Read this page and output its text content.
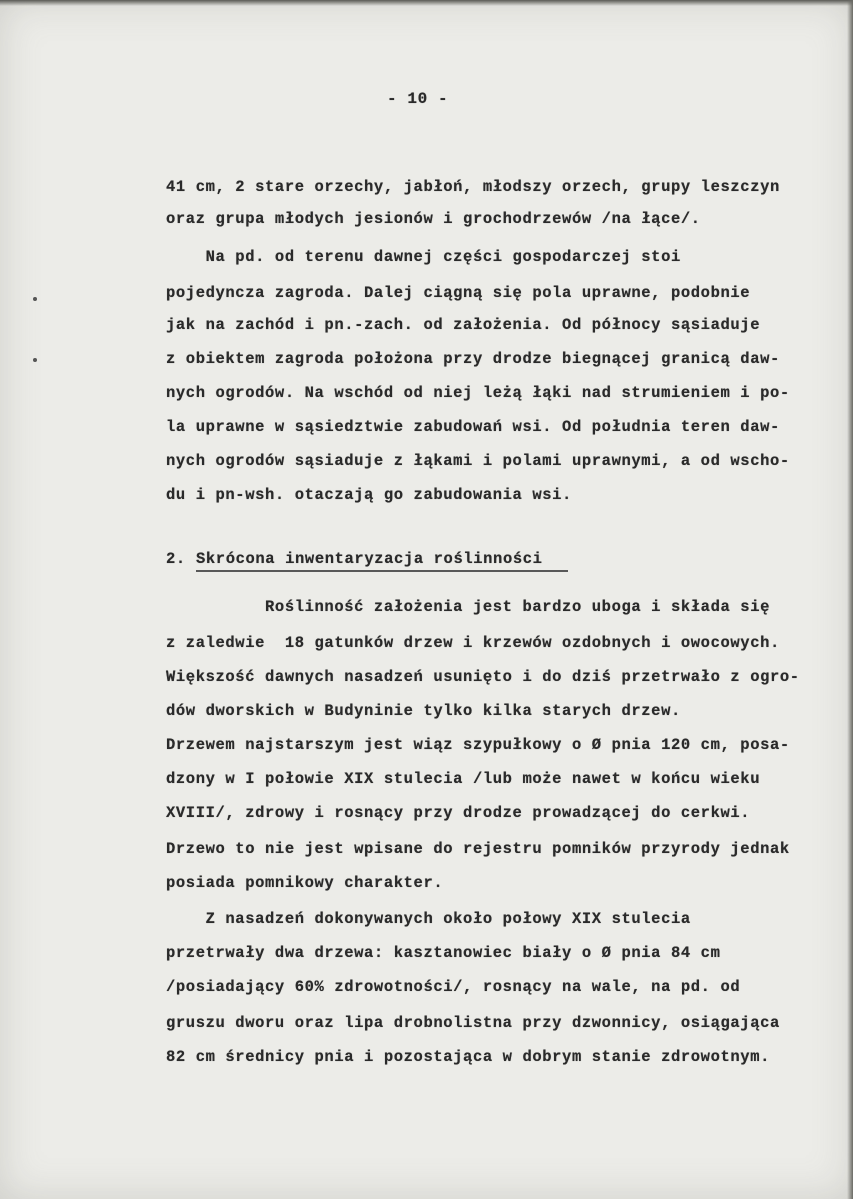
- 10 -
41 cm, 2 stare orzechy, jabłoń, młodszy orzech, grupy leszczyn
oraz grupa młodych jesionów i grochodrzewów /na łące/.
Na pd. od terenu dawnej części gospodarczej stoi
pojedyncza zagroda. Dalej ciągną się pola uprawne, podobnie
jak na zachód i pn.-zach. od założenia. Od północy sąsiaduje
z obiektem zagroda położona przy drodze biegnącej granicą daw-
nych ogrodów. Na wschód od niej leżą łąki nad strumieniem i po-
la uprawne w sąsiedztwie zabudowań wsi. Od południa teren daw-
nych ogrodów sąsiaduje z łąkami i polami uprawnymi, a od wscho-
du i pn-wsh. otaczają go zabudowania wsi.
2. Skrócona inwentaryzacja roślinności
Roślinność założenia jest bardzo uboga i składa się
z zaledwie  18 gatunków drzew i krzewów ozdobnych i owocowych.
Większość dawnych nasadzeń usunięto i do dziś przetrwało z ogro-
dów dworskich w Budyninie tylko kilka starych drzew.
Drzewem najstarszym jest wiąz szypułkowy o Ø pnia 120 cm, posa-
dzony w I połowie XIX stulecia /lub może nawet w końcu wieku
XVIII/, zdrowy i rosnący przy drodze prowadzącej do cerkwi.
Drzewo to nie jest wpisane do rejestru pomników przyrody jednak
posiada pomnikowy charakter.
Z nasadzeń dokonywanych około połowy XIX stulecia
przetrwały dwa drzewa: kasztanowiec biały o Ø pnia 84 cm
/posiadający 60% zdrowotności/, rosnący na wale, na pd. od
gruszu dworu oraz lipa drobnolistna przy dzwonnicy, osiągająca
82 cm średnicy pnia i pozostająca w dobrym stanie zdrowotnym.
